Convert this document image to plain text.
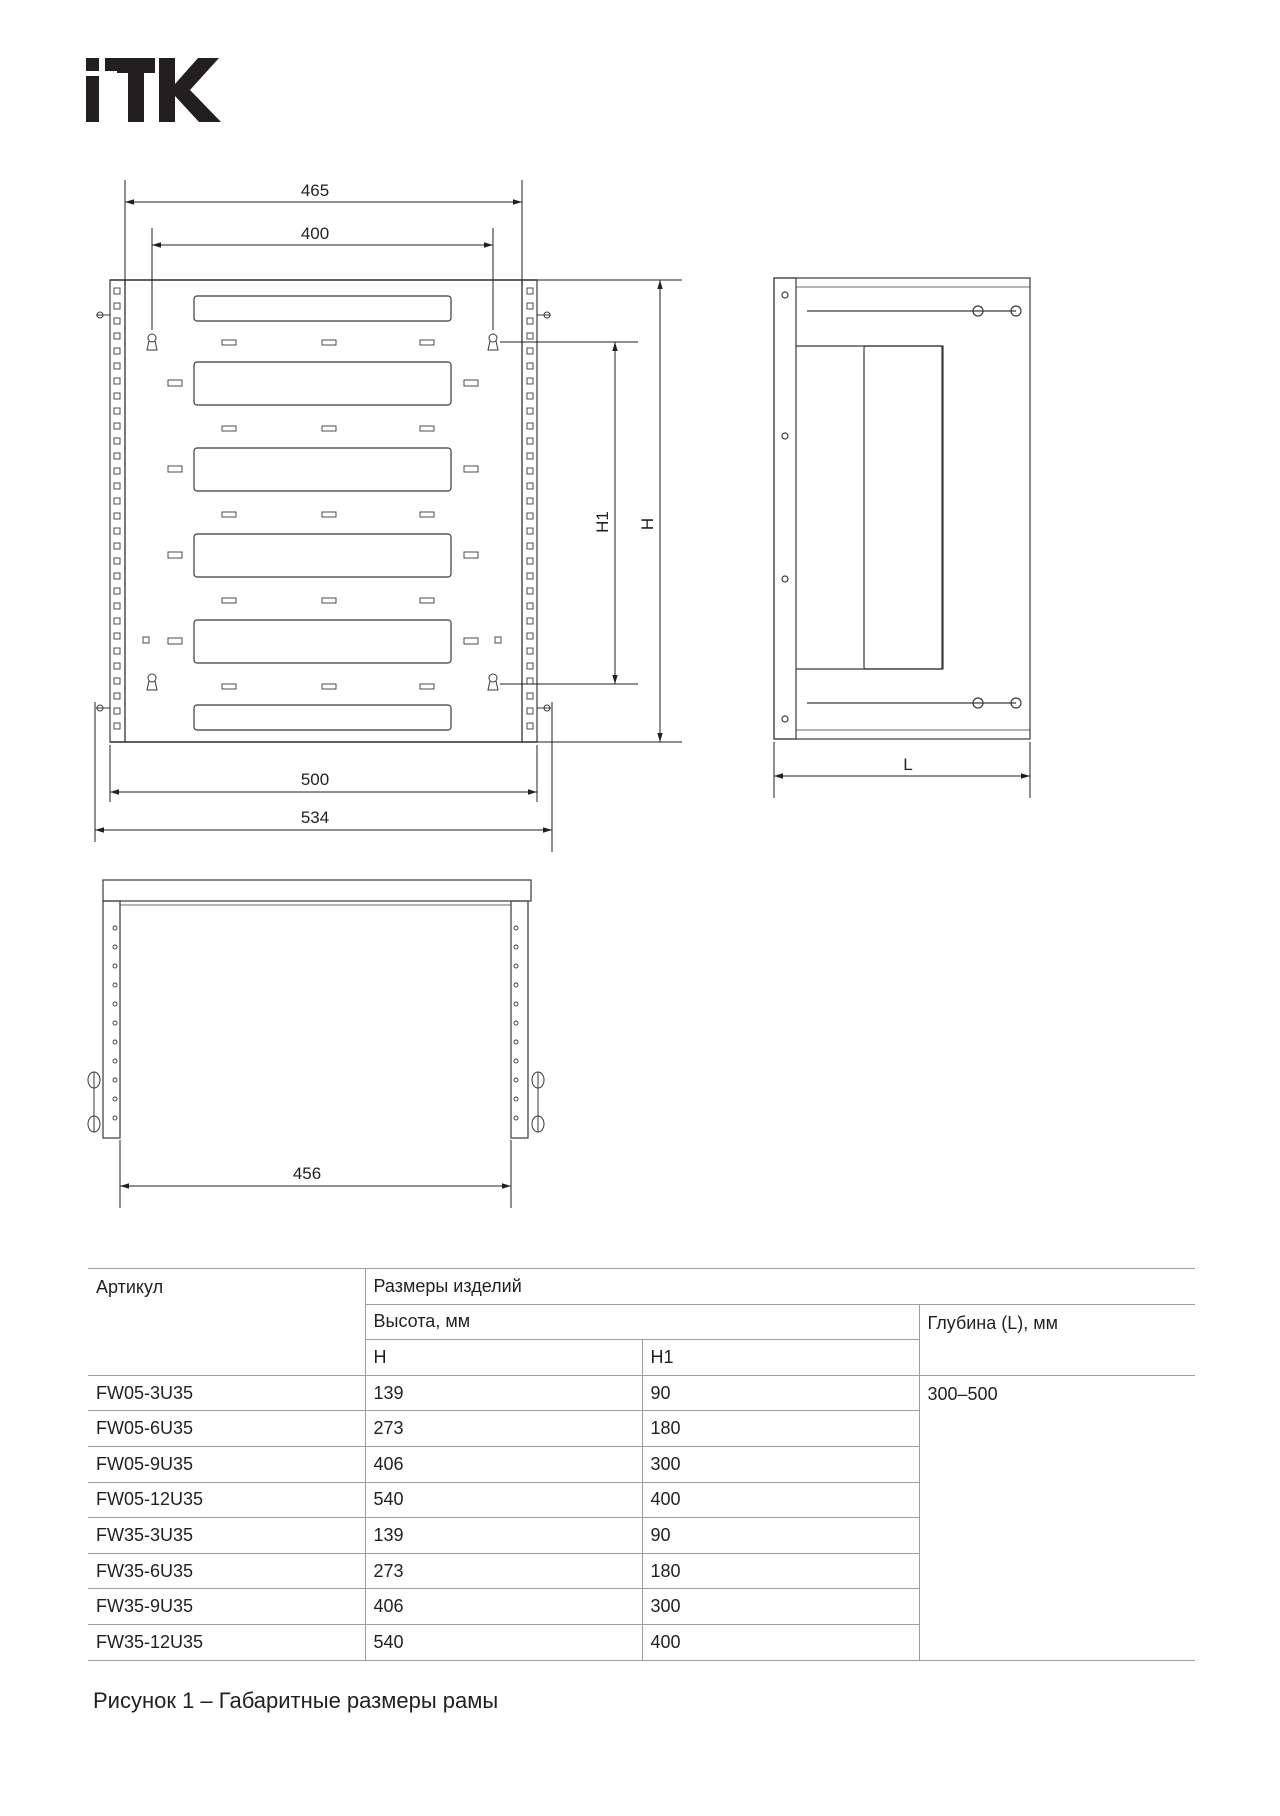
465
400
500
534
H
H1
L
456
Артикул	Размеры изделий		
	Высота, мм		Глубина (L), мм
	H	H1	
FW05-3U35	139	90	300–500
FW05-6U35	273	180	
FW05-9U35	406	300	
FW05-12U35	540	400	
FW35-3U35	139	90	
FW35-6U35	273	180	
FW35-9U35	406	300	
FW35-12U35	540	400	
Рисунок 1 – Габаритные размеры рамы
